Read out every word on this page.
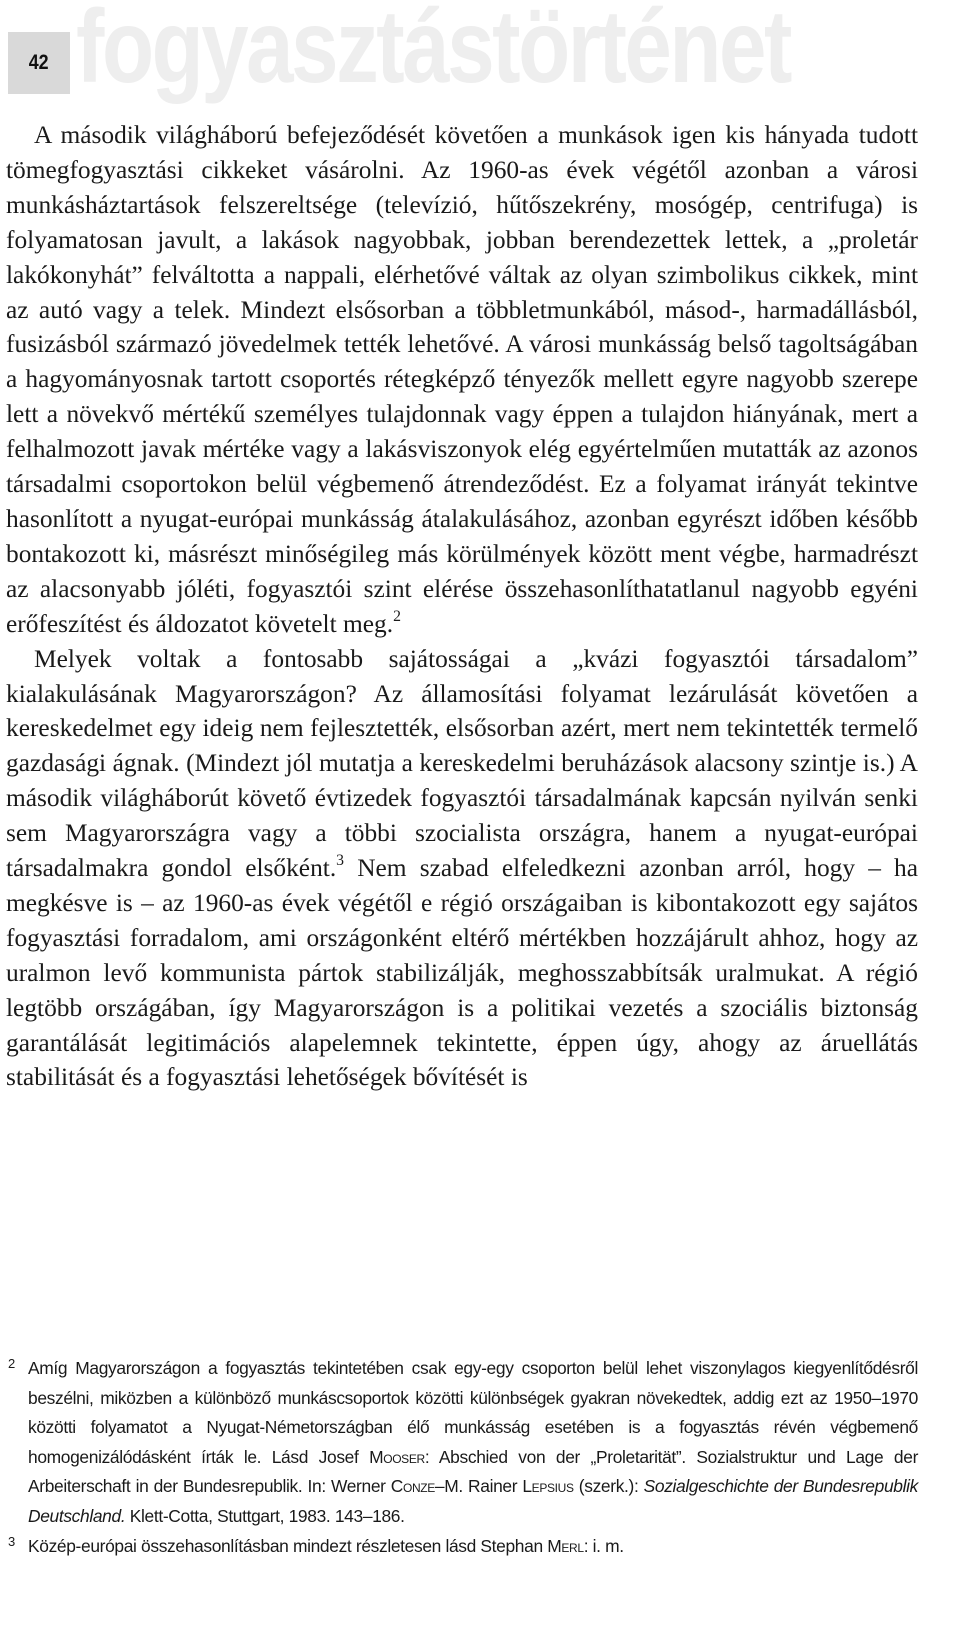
42 fogyasztástörténet

A második világháború befejeződését követően a munkások igen kis hányada tudott tömegfogyasztási cikkeket vásárolni. Az 1960-as évek végétől azonban a városi munkásháztartások felszereltsége (televízió, hűtőszekrény, mosógép, centrifuga) is folyamatosan javult, a lakások nagyobbak, jobban berendezettek lettek, a „proletár lakókonyhát” felváltotta a nappali, elérhetővé váltak az olyan szimbolikus cikkek, mint az autó vagy a telek. Mindezt elsősorban a többletmunkából, másod-, harmadállásból, fusizásból származó jövedelmek tették lehetővé. A városi munkásság belső tagoltságában a hagyományosnak tartott csoportés rétegképző tényezők mellett egyre nagyobb szerepe lett a növekvő mértékű személyes tulajdonnak vagy éppen a tulajdon hiányának, mert a felhalmozott javak mértéke vagy a lakásviszonyok elég egyértelműen mutatták az azonos társadalmi csoportokon belül végbemenő átrendeződést. Ez a folyamat irányát tekintve hasonlított a nyugat-európai munkásság átalakulásához, azonban egyrészt időben később bontakozott ki, másrészt minőségileg más körülmények között ment végbe, harmadrészt az alacsonyabb jóléti, fogyasztói szint elérése összehasonlíthatatlanul nagyobb egyéni erőfeszítést és áldozatot követelt meg.$^2$

Melyek voltak a fontosabb sajátosságai a „kvázi fogyasztói társadalom” kialakulásának Magyarországon? Az államosítási folyamat lezárulását követően a kereskedelmet egy ideig nem fejlesztették, elsősorban azért, mert nem tekintették termelő gazdasági ágnak. (Mindezt jól mutatja a kereskedelmi beruházások alacsony szintje is.) A második világháborút követő évtizedek fogyasztói társadalmának kapcsán nyilván senki sem Magyarországra vagy a többi szocialista országra, hanem a nyugat-európai társadalmakra gondol elsőként.$^3$ Nem szabad elfeledkezni azonban arról, hogy – ha megkésve is – az 1960-as évek végétől e régió országaiban is kibontakozott egy sajátos fogyasztási forradalom, ami országonként eltérő mértékben hozzájárult ahhoz, hogy az uralmon levő kommunista pártok stabilizálják, meghosszabbítsák uralmukat. A régió legtöbb országában, így Magyarországon is a politikai vezetés a szociális biztonság garantálását legitimációs alapelemnek tekintette, éppen úgy, ahogy az áruellátás stabilitását és a fogyasztási lehetőségek bővítését is

2 Amíg Magyarországon a fogyasztás tekintetében csak egy-egy csoporton belül lehet viszonylagos kiegyenlítődésről beszélni, miközben a különböző munkáscsoportok közötti különbségek gyakran növekedtek, addig ezt az 1950–1970 közötti folyamatot a Nyugat-Németországban élő munkásság esetében is a fogyasztás révén végbemenő homogenizálódásként írták le. Lásd Josef Mooser: Abschied von der „Proletarität”. Sozialstruktur und Lage der Arbeiterschaft in der Bundesrepublik. In: Werner Conze–M. Rainer Lepsius (szerk.): Sozialgeschichte der Bundesrepublik Deutschland. Klett-Cotta, Stuttgart, 1983. 143–186.
3 Közép-európai összehasonlításban mindezt részletesen lásd Stephan Merl: i. m.
